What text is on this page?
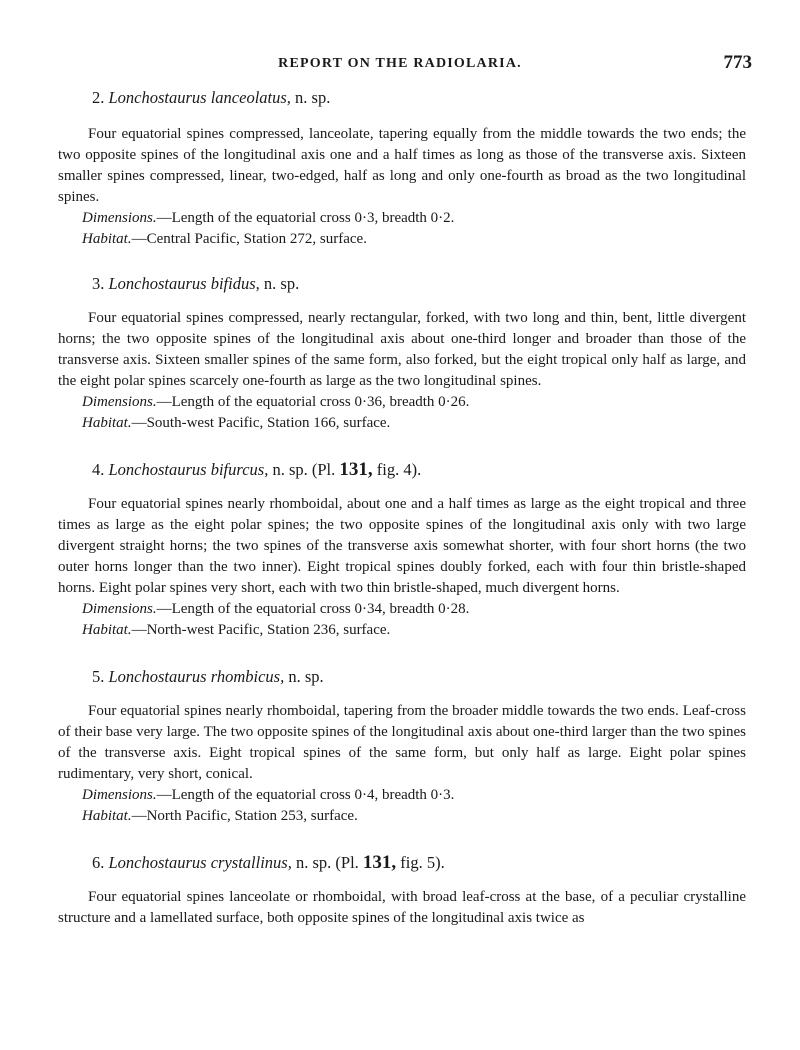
REPORT ON THE RADIOLARIA.	773

2. Lonchostaurus lanceolatus, n. sp.

Four equatorial spines compressed, lanceolate, tapering equally from the middle towards the two ends; the two opposite spines of the longitudinal axis one and a half times as long as those of the transverse axis. Sixteen smaller spines compressed, linear, two-edged, half as long and only one-fourth as broad as the two longitudinal spines.

Dimensions.—Length of the equatorial cross 0·3, breadth 0·2.

Habitat.—Central Pacific, Station 272, surface.

3. Lonchostaurus bifidus, n. sp.

Four equatorial spines compressed, nearly rectangular, forked, with two long and thin, bent, little divergent horns; the two opposite spines of the longitudinal axis about one-third longer and broader than those of the transverse axis. Sixteen smaller spines of the same form, also forked, but the eight tropical only half as large, and the eight polar spines scarcely one-fourth as large as the two longitudinal spines.

Dimensions.—Length of the equatorial cross 0·36, breadth 0·26.

Habitat.—South-west Pacific, Station 166, surface.

4. Lonchostaurus bifurcus, n. sp. (Pl. 131, fig. 4).

Four equatorial spines nearly rhomboidal, about one and a half times as large as the eight tropical and three times as large as the eight polar spines; the two opposite spines of the longitudinal axis only with two large divergent straight horns; the two spines of the transverse axis somewhat shorter, with four short horns (the two outer horns longer than the two inner). Eight tropical spines doubly forked, each with four thin bristle-shaped horns. Eight polar spines very short, each with two thin bristle-shaped, much divergent horns.

Dimensions.—Length of the equatorial cross 0·34, breadth 0·28.

Habitat.—North-west Pacific, Station 236, surface.

5. Lonchostaurus rhombicus, n. sp.

Four equatorial spines nearly rhomboidal, tapering from the broader middle towards the two ends. Leaf-cross of their base very large. The two opposite spines of the longitudinal axis about one-third larger than the two spines of the transverse axis. Eight tropical spines of the same form, but only half as large. Eight polar spines rudimentary, very short, conical.

Dimensions.—Length of the equatorial cross 0·4, breadth 0·3.

Habitat.—North Pacific, Station 253, surface.

6. Lonchostaurus crystallinus, n. sp. (Pl. 131, fig. 5).

Four equatorial spines lanceolate or rhomboidal, with broad leaf-cross at the base, of a peculiar crystalline structure and a lamellated surface, both opposite spines of the longitudinal axis twice as
